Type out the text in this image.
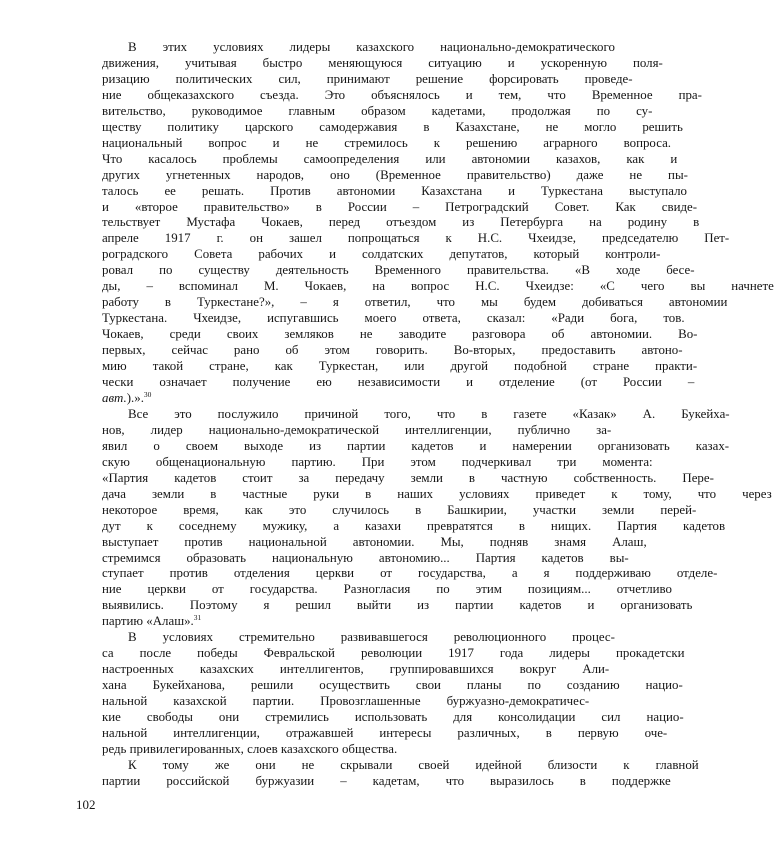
В	этих	условиях	лидеры	казахского	национально-демократического
движения,	учитывая	быстро	меняющуюся	ситуацию	и	ускоренную	поля-
ризацию	политических	сил,	принимают	решение	форсировать	проведе-
ние	общеказахского	съезда.	Это	объяснялось	и	тем,	что	Временное	пра-
вительство,	руководимое	главным	образом	кадетами,	продолжая	по	су-
ществу	политику	царского	самодержавия	в	Казахстане,	не	могло	решить
национальный	вопрос	и	не	стремилось	к	решению	аграрного	вопроса.
Что	касалось	проблемы	самоопределения	или	автономии	казахов,	как	и
других	угнетенных	народов,	оно	(Временное	правительство)	даже	не	пы-
талось	ее	решать.	Против	автономии	Казахстана	и	Туркестана	выступало
и	«второе	правительство»	в	России	–	Петроградский	Совет.	Как	свиде-
тельствует	Мустафа	Чокаев,	перед	отъездом	из	Петербурга	на	родину	в
апреле	1917	г.	он	зашел	попрощаться	к	Н.С.	Чхеидзе,	председателю	Пет-
роградского	Совета	рабочих	и	солдатских	депутатов,	который	контроли-
ровал	по	существу	деятельность	Временного	правительства.	«В	ходе	бесе-
ды,	–	вспоминал	М.	Чокаев,	на	вопрос	Н.С.	Чхеидзе:	«С	чего	вы	начнете
работу	в	Туркестане?»,	–	я	ответил,	что	мы	будем	добиваться	автономии
Туркестана.	Чхеидзе,	испугавшись	моего	ответа,	сказал:	«Ради	бога,	тов.
Чокаев,	среди	своих	земляков	не	заводите	разговора	об	автономии.	Во-
первых,	сейчас	рано	об	этом	говорить.	Во-вторых,	предоставить	автоно-
мию	такой	стране,	как	Туркестан,	или	другой	подобной	стране	практи-
чески	означает	получение	ею	независимости	и	отделение	(от	России	–
авт.).».$^{30}$
Все	это	послужило	причиной	того,	что	в	газете	«Казак»	А.	Букейха-
нов,	лидер	национально-демократической	интеллигенции,	публично	за-
явил	о	своем	выходе	из	партии	кадетов	и	намерении	организовать	казах-
скую	общенациональную	партию.	При	этом	подчеркивал	три	момента:
«Партия	кадетов	стоит	за	передачу	земли	в	частную	собственность.	Пере-
дача	земли	в	частные	руки	в	наших	условиях	приведет	к	тому,	что	через
некоторое	время,	как	это	случилось	в	Башкирии,	участки	земли	перей-
дут	к	соседнему	мужику,	а	казахи	превратятся	в	нищих.	Партия	кадетов
выступает	против	национальной	автономии.	Мы,	подняв	знамя	Алаш,
стремимся	образовать	национальную	автономию...	Партия	кадетов	вы-
ступает	против	отделения	церкви	от	государства,	а	я	поддерживаю	отделе-
ние	церкви	от	государства.	Разногласия	по	этим	позициям...	отчетливо
выявились.	Поэтому	я	решил	выйти	из	партии	кадетов	и	организовать
партию «Алаш».$^{31}$
В	условиях	стремительно	развивавшегося	революционного	процес-
са	после	победы	Февральской	революции	1917	года	лидеры	прокадетски
настроенных	казахских	интеллигентов,	группировавшихся	вокруг	Али-
хана	Букейханова,	решили	осуществить	свои	планы	по	созданию	нацио-
нальной	казахской	партии.	Провозглашенные	буржуазно-демократичес-
кие	свободы	они	стремились	использовать	для	консолидации	сил	нацио-
нальной	интеллигенции,	отражавшей	интересы	различных,	в	первую	оче-
редь привилегированных, слоев казахского общества.
К	тому	же	они	не	скрывали	своей	идейной	близости	к	главной
партии	российской	буржуазии	–	кадетам,	что	выразилось	в	поддержке
102
